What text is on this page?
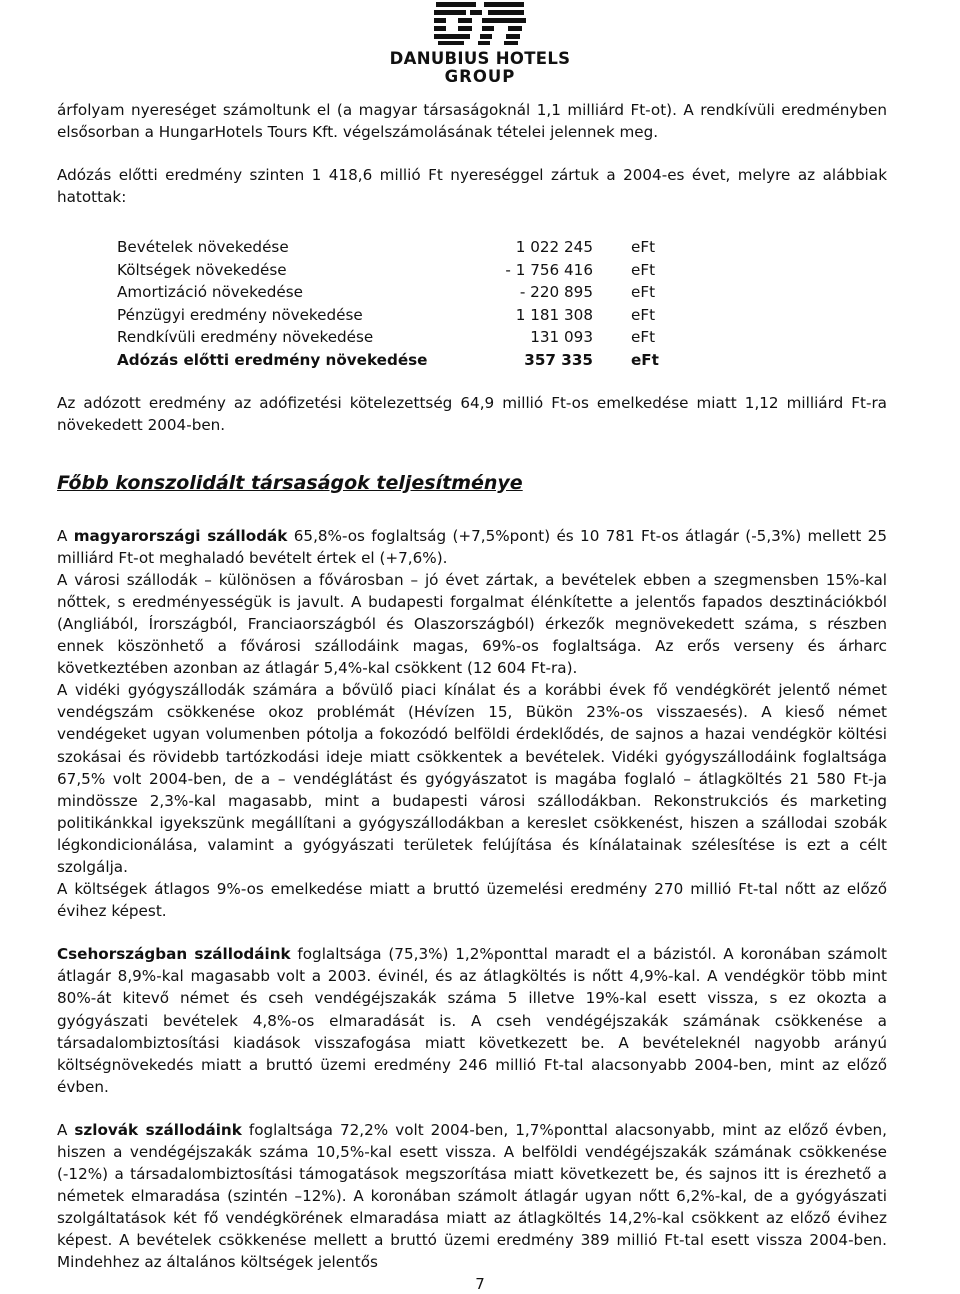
DANUBIUS HOTELS
GROUP

árfolyam nyereséget számoltunk el (a magyar társaságoknál 1,1 milliárd Ft-ot). A rendkívüli eredményben elsősorban a HungarHotels Tours Kft. végelszámolásának tételei jelennek meg.

Adózás előtti eredmény szinten 1 418,6 millió Ft nyereséggel zártuk a 2004-es évet, melyre az alábbiak hatottak:

Bevételek növekedése	1 022 245	eFt
Költségek növekedése	- 1 756 416	eFt
Amortizáció növekedése	- 220 895	eFt
Pénzügyi eredmény növekedése	1 181 308	eFt
Rendkívüli eredmény növekedése	131 093	eFt
Adózás előtti eredmény növekedése	357 335	eFt

Az adózott eredmény az adófizetési kötelezettség 64,9 millió Ft-os emelkedése miatt 1,12 milliárd Ft-ra növekedett 2004-ben.

Főbb konszolidált társaságok teljesítménye

A magyarországi szállodák 65,8%-os foglaltság (+7,5%pont) és 10 781 Ft-os átlagár (-5,3%) mellett 25 milliárd Ft-ot meghaladó bevételt értek el (+7,6%).

A városi szállodák – különösen a fővárosban – jó évet zártak, a bevételek ebben a szegmensben 15%-kal nőttek, s eredményességük is javult. A budapesti forgalmat élénkítette a jelentős fapados desztinációkból (Angliából, Írországból, Franciaországból és Olaszországból) érkezők megnövekedett száma, s részben ennek köszönhető a fővárosi szállodáink magas, 69%-os foglaltsága. Az erős verseny és árharc következtében azonban az átlagár 5,4%-kal csökkent (12 604 Ft-ra).

A vidéki gyógyszállodák számára a bővülő piaci kínálat és a korábbi évek fő vendégkörét jelentő német vendégszám csökkenése okoz problémát (Hévízen 15, Bükön 23%-os visszaesés). A kieső német vendégeket ugyan volumenben pótolja a fokozódó belföldi érdeklődés, de sajnos a hazai vendégkör költési szokásai és rövidebb tartózkodási ideje miatt csökkentek a bevételek. Vidéki gyógyszállodáink foglaltsága 67,5% volt 2004-ben, de a – vendéglátást és gyógyászatot is magába foglaló – átlagköltés 21 580 Ft-ja mindössze 2,3%-kal magasabb, mint a budapesti városi szállodákban. Rekonstrukciós és marketing politikánkkal igyekszünk megállítani a gyógyszállodákban a kereslet csökkenést, hiszen a szállodai szobák légkondicionálása, valamint a gyógyászati területek felújítása és kínálatainak szélesítése is ezt a célt szolgálja.

A költségek átlagos 9%-os emelkedése miatt a bruttó üzemelési eredmény 270 millió Ft-tal nőtt az előző évihez képest.

Csehországban szállodáink foglaltsága (75,3%) 1,2%ponttal maradt el a bázistól. A koronában számolt átlagár 8,9%-kal magasabb volt a 2003. évinél, és az átlagköltés is nőtt 4,9%-kal. A vendégkör több mint 80%-át kitevő német és cseh vendégéjszakák száma 5 illetve 19%-kal esett vissza, s ez okozta a gyógyászati bevételek 4,8%-os elmaradását is. A cseh vendégéjszakák számának csökkenése a társadalombiztosítási kiadások visszafogása miatt következett be. A bevételeknél nagyobb arányú költségnövekedés miatt a bruttó üzemi eredmény 246 millió Ft-tal alacsonyabb 2004-ben, mint az előző évben.

A szlovák szállodáink foglaltsága 72,2% volt 2004-ben, 1,7%ponttal alacsonyabb, mint az előző évben, hiszen a vendégéjszakák száma 10,5%-kal esett vissza. A belföldi vendégéjszakák számának csökkenése (-12%) a társadalombiztosítási támogatások megszorítása miatt következett be, és sajnos itt is érezhető a németek elmaradása (szintén –12%). A koronában számolt átlagár ugyan nőtt 6,2%-kal, de a gyógyászati szolgáltatások két fő vendégkörének elmaradása miatt az átlagköltés 14,2%-kal csökkent az előző évihez képest. A bevételek csökkenése mellett a bruttó üzemi eredmény 389 millió Ft-tal esett vissza 2004-ben. Mindehhez az általános költségek jelentős

7
